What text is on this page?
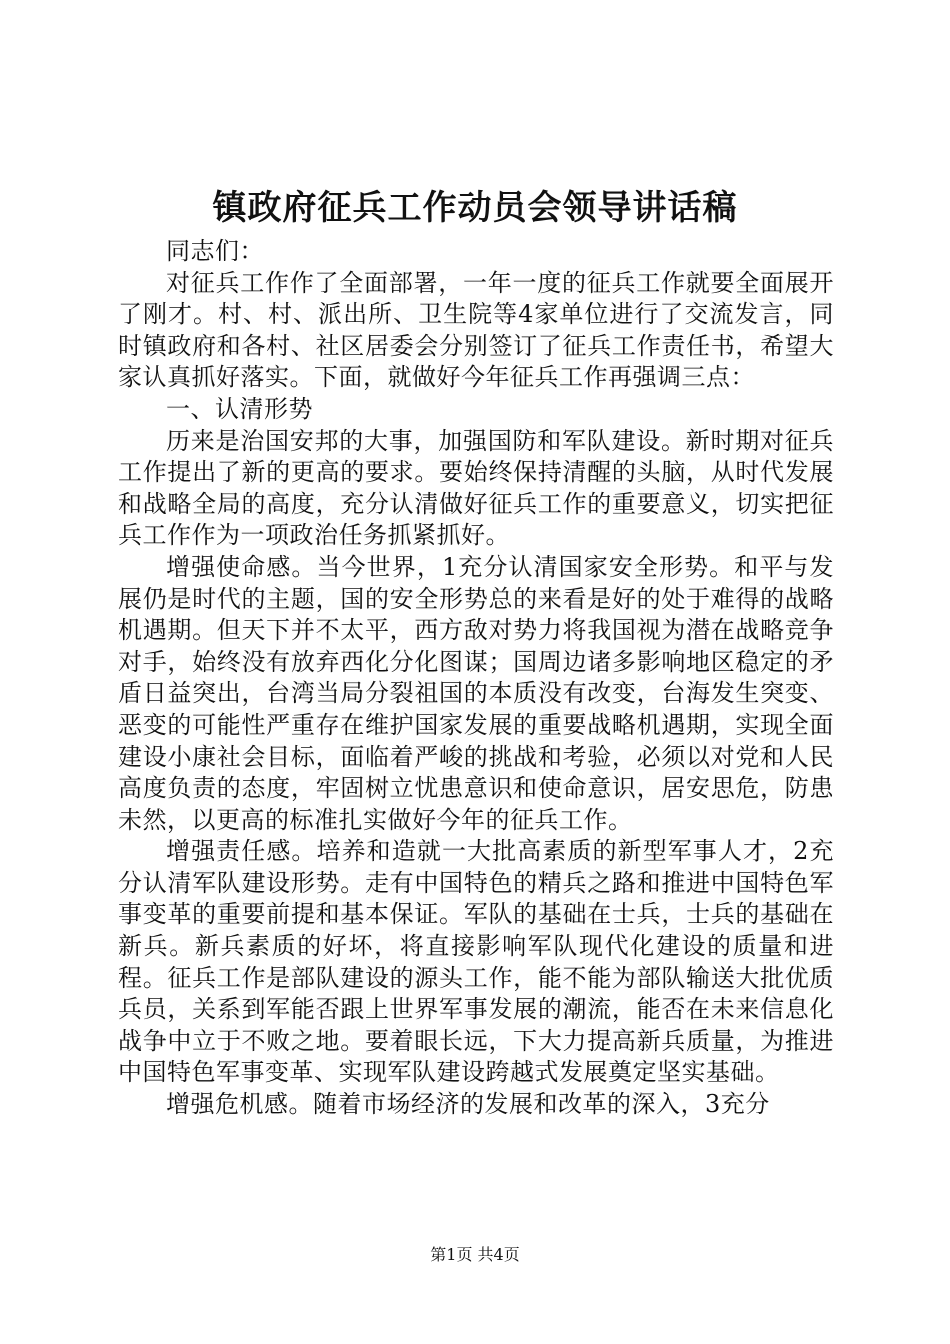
镇政府征兵工作动员会领导讲话稿

同志们：

对征兵工作作了全面部署，一年一度的征兵工作就要全面展开了刚才。村、村、派出所、卫生院等4家单位进行了交流发言，同时镇政府和各村、社区居委会分别签订了征兵工作责任书，希望大家认真抓好落实。下面，就做好今年征兵工作再强调三点：

一、认清形势

历来是治国安邦的大事，加强国防和军队建设。新时期对征兵工作提出了新的更高的要求。要始终保持清醒的头脑，从时代发展和战略全局的高度，充分认清做好征兵工作的重要意义，切实把征兵工作作为一项政治任务抓紧抓好。

增强使命感。当今世界，1充分认清国家安全形势。和平与发展仍是时代的主题，国的安全形势总的来看是好的处于难得的战略机遇期。但天下并不太平，西方敌对势力将我国视为潜在战略竞争对手，始终没有放弃西化分化图谋；国周边诸多影响地区稳定的矛盾日益突出，台湾当局分裂祖国的本质没有改变，台海发生突变、恶变的可能性严重存在维护国家发展的重要战略机遇期，实现全面建设小康社会目标，面临着严峻的挑战和考验，必须以对党和人民高度负责的态度，牢固树立忧患意识和使命意识，居安思危，防患未然，以更高的标准扎实做好今年的征兵工作。

增强责任感。培养和造就一大批高素质的新型军事人才，2充分认清军队建设形势。走有中国特色的精兵之路和推进中国特色军事变革的重要前提和基本保证。军队的基础在士兵，士兵的基础在新兵。新兵素质的好坏，将直接影响军队现代化建设的质量和进程。征兵工作是部队建设的源头工作，能不能为部队输送大批优质兵员，关系到军能否跟上世界军事发展的潮流，能否在未来信息化战争中立于不败之地。要着眼长远，下大力提高新兵质量，为推进中国特色军事变革、实现军队建设跨越式发展奠定坚实基础。

增强危机感。随着市场经济的发展和改革的深入，3充分

第1页 共4页
